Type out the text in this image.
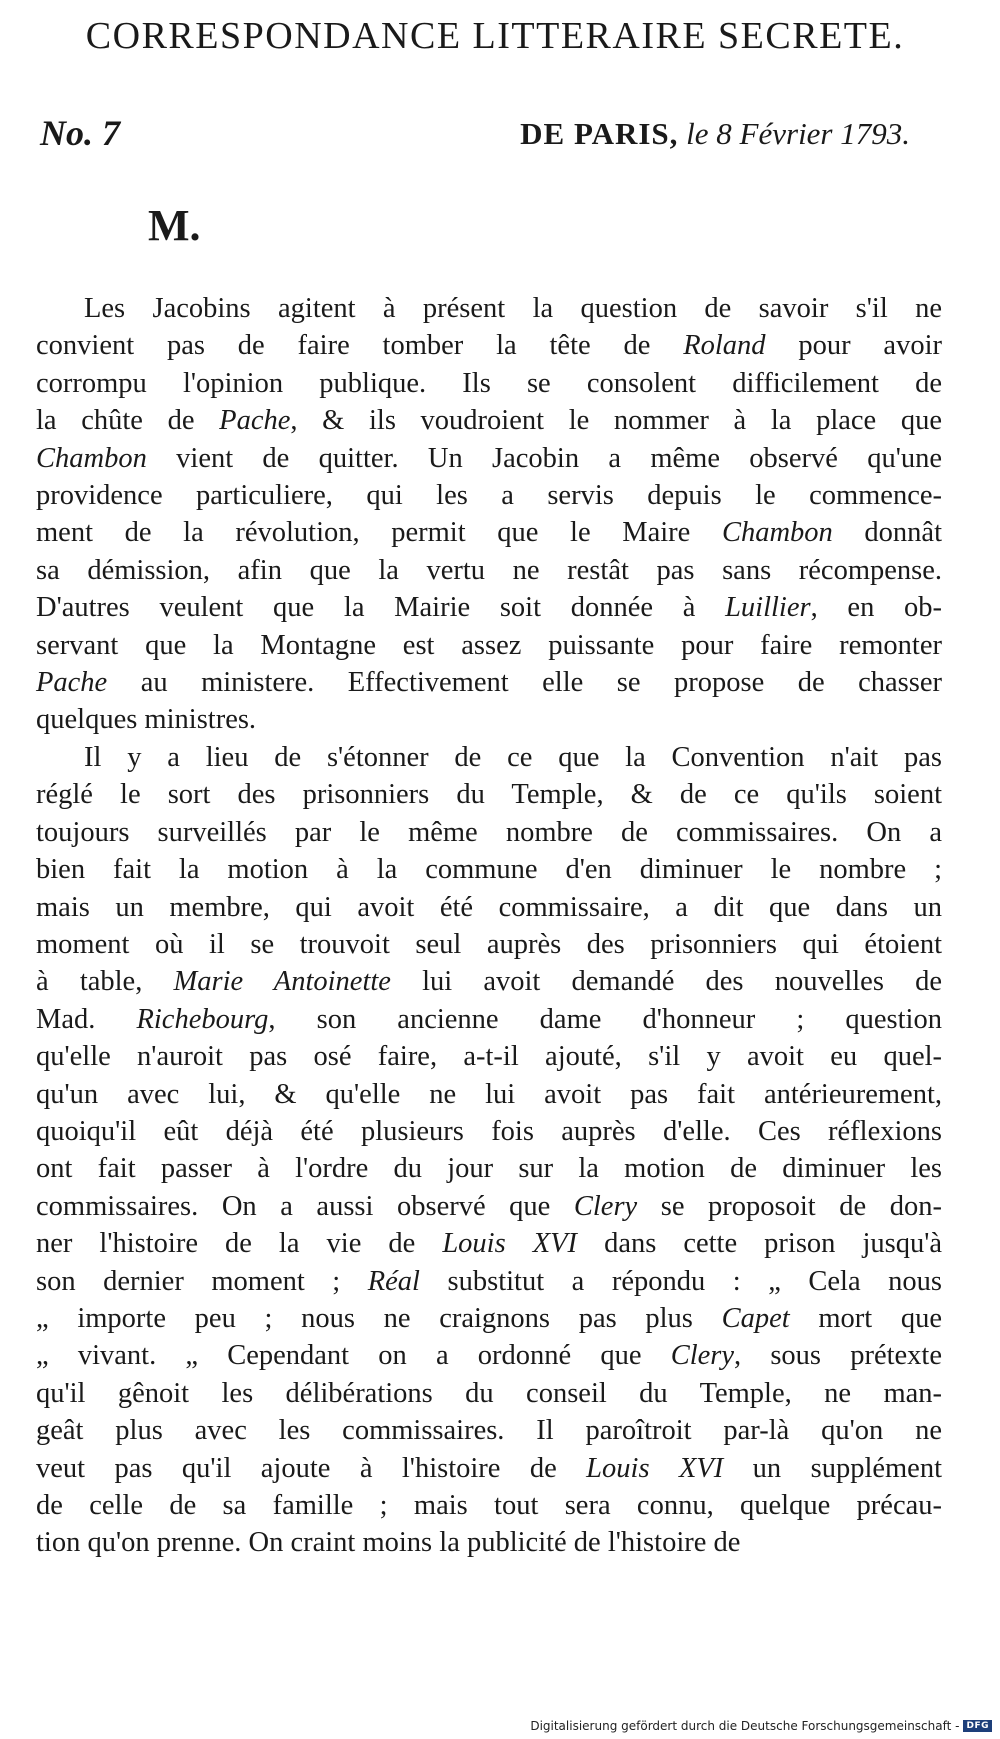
CORRESPONDANCE LITTERAIRE SECRETE.
No. 7	DE PARIS, le 8 Février 1793.
M.
Les Jacobins agitent à présent la question de savoir s'il ne
convient pas de faire tomber la tête de Roland pour avoir
corrompu l'opinion publique. Ils se consolent difficilement de
la chûte de Pache, & ils voudroient le nommer à la place que
Chambon vient de quitter. Un Jacobin a même observé qu'une
providence particuliere, qui les a servis depuis le commence-
ment de la révolution, permit que le Maire Chambon donnât
sa démission, afin que la vertu ne restât pas sans récompense.
D'autres veulent que la Mairie soit donnée à Luillier, en ob-
servant que la Montagne est assez puissante pour faire remonter
Pache au ministere. Effectivement elle se propose de chasser
quelques ministres.
Il y a lieu de s'étonner de ce que la Convention n'ait pas
réglé le sort des prisonniers du Temple, & de ce qu'ils soient
toujours surveillés par le même nombre de commissaires. On a
bien fait la motion à la commune d'en diminuer le nombre ;
mais un membre, qui avoit été commissaire, a dit que dans un
moment où il se trouvoit seul auprès des prisonniers qui étoient
à table, Marie Antoinette lui avoit demandé des nouvelles de
Mad. Richebourg, son ancienne dame d'honneur ; question
qu'elle n'auroit pas osé faire, a-t-il ajouté, s'il y avoit eu quel-
qu'un avec lui, & qu'elle ne lui avoit pas fait antérieurement,
quoiqu'il eût déjà été plusieurs fois auprès d'elle. Ces réflexions
ont fait passer à l'ordre du jour sur la motion de diminuer les
commissaires. On a aussi observé que Clery se proposoit de don-
ner l'histoire de la vie de Louis XVI dans cette prison jusqu'à
son dernier moment ; Réal substitut a répondu : „ Cela nous
„ importe peu ; nous ne craignons pas plus Capet mort que
„ vivant. „ Cependant on a ordonné que Clery, sous prétexte
qu'il gênoit les délibérations du conseil du Temple, ne man-
geât plus avec les commissaires. Il paroîtroit par-là qu'on ne
veut pas qu'il ajoute à l'histoire de Louis XVI un supplément
de celle de sa famille ; mais tout sera connu, quelque précau-
tion qu'on prenne. On craint moins la publicité de l'histoire de
Digitalisierung gefördert durch die Deutsche Forschungsgemeinschaft - DFG
